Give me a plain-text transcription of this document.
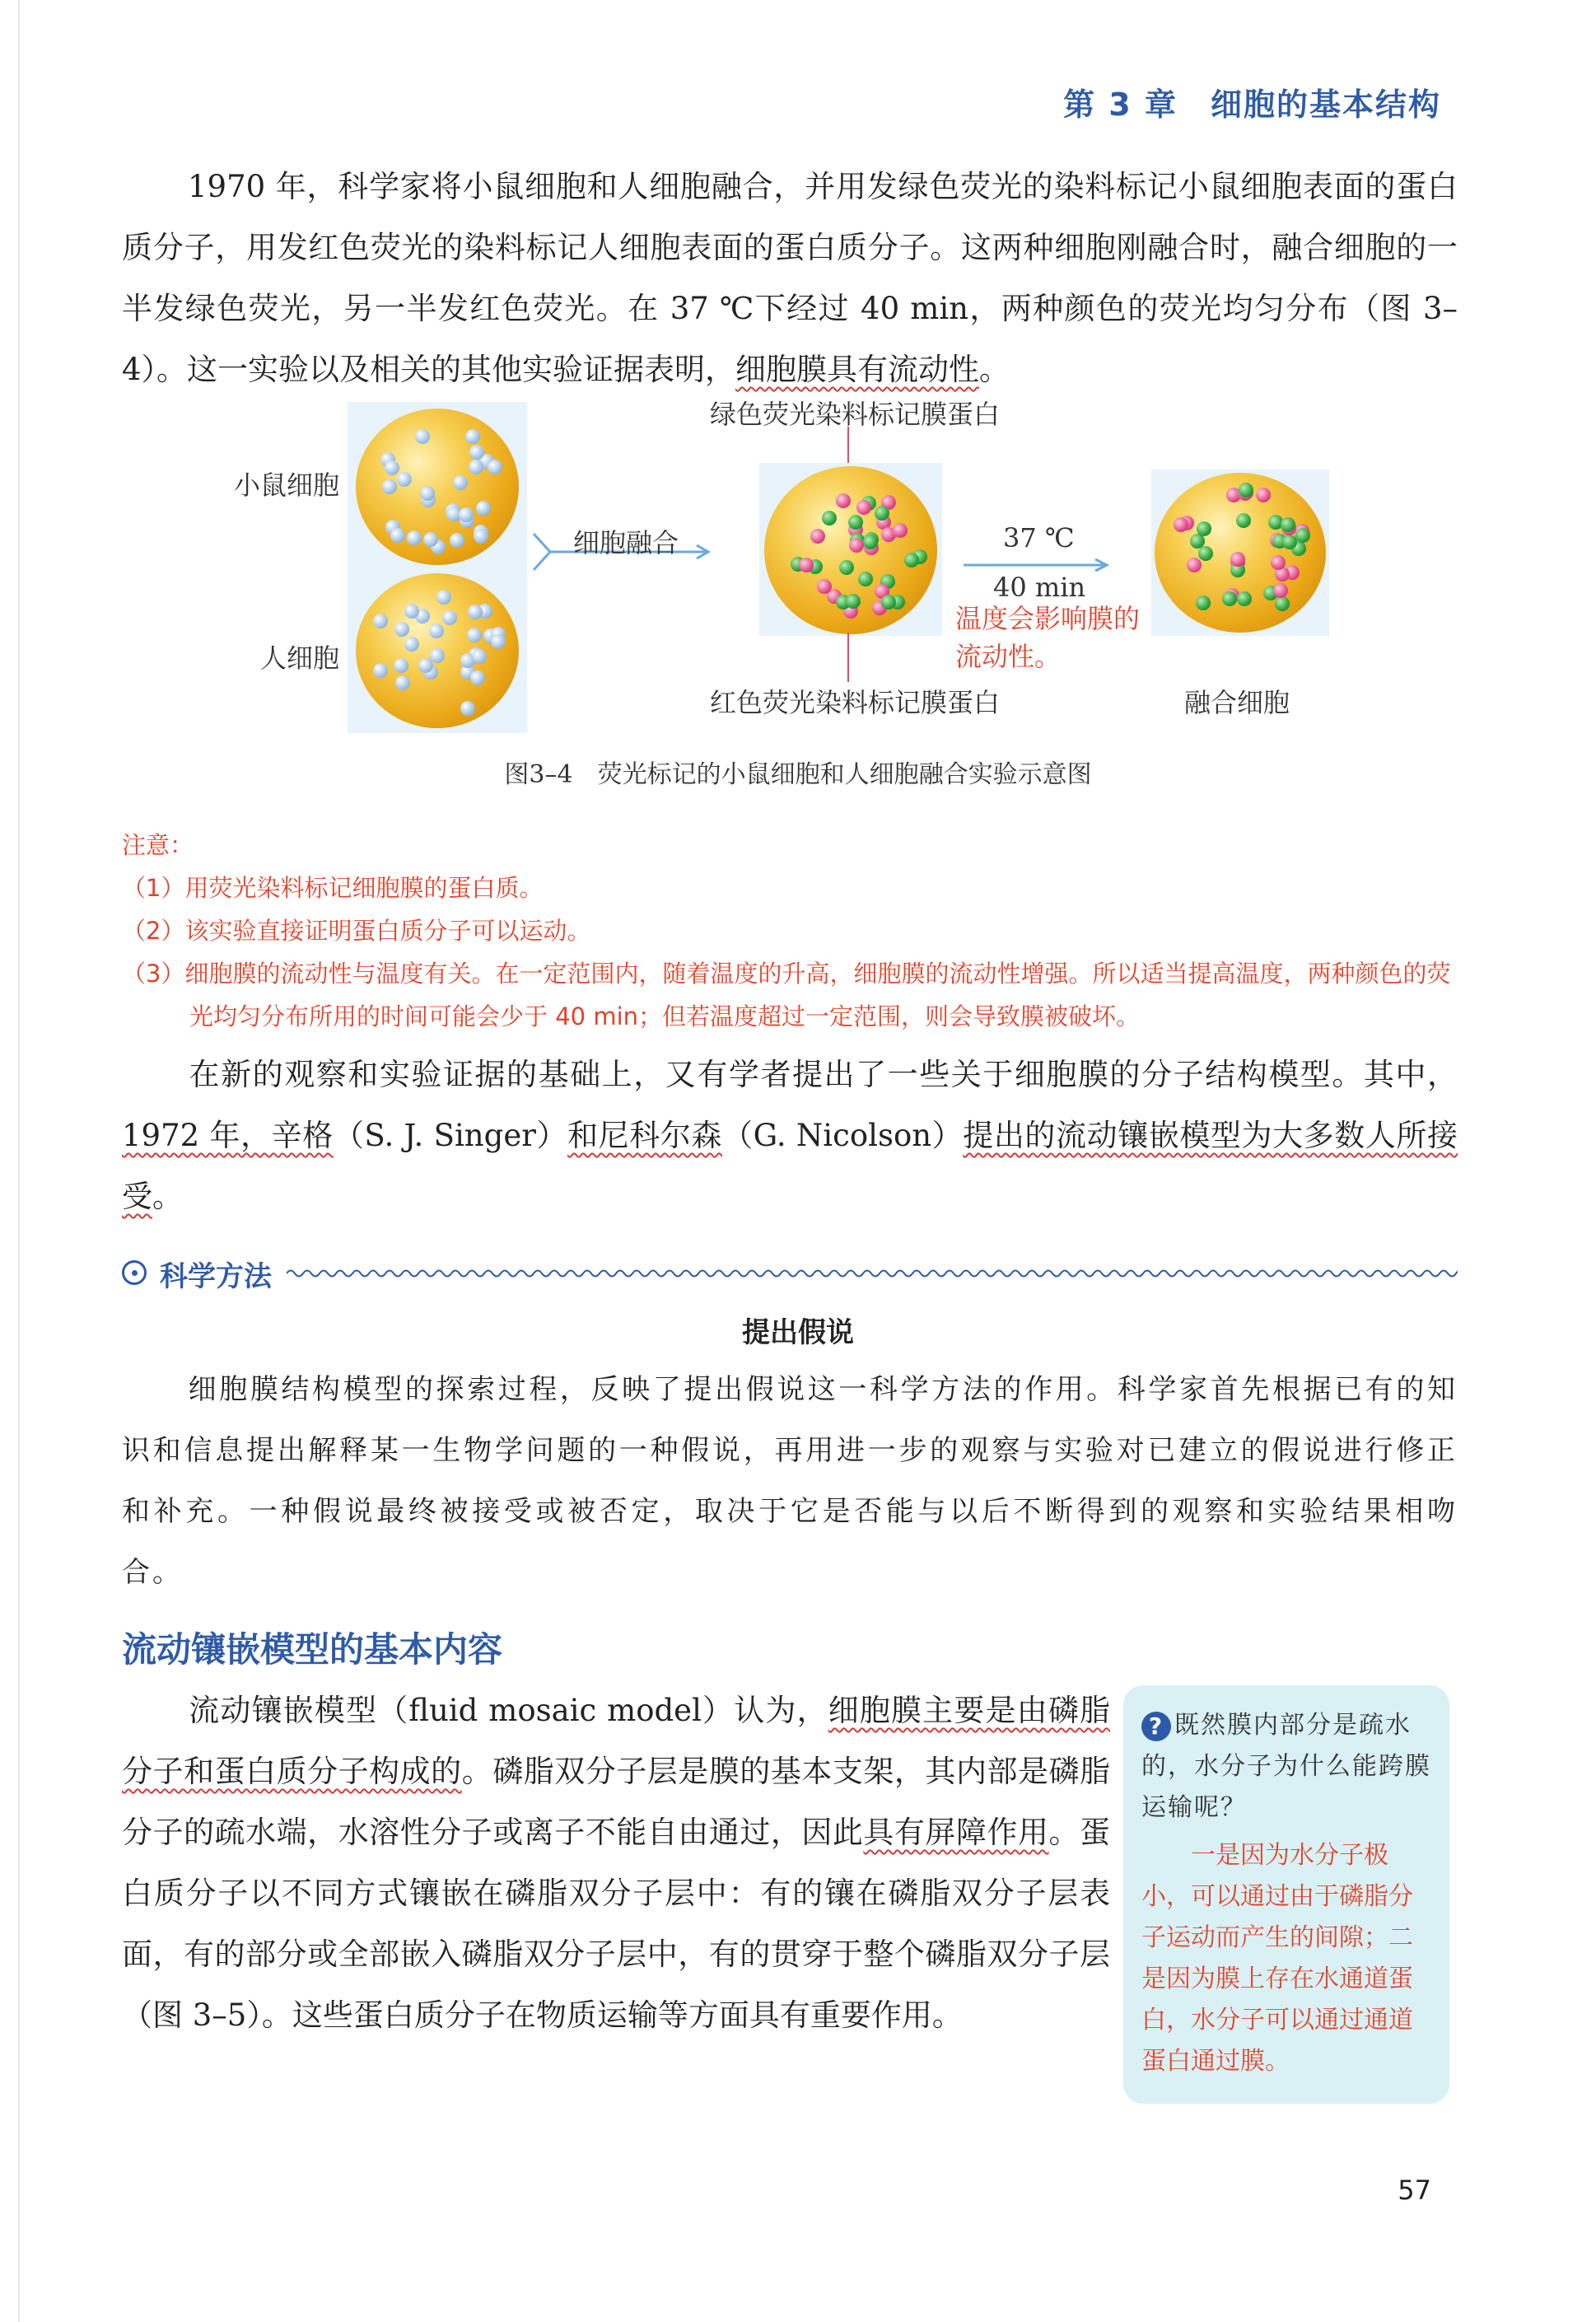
第 3 章 细胞的基本结构
1970 年，科学家将小鼠细胞和人细胞融合，并用发绿色荧光的染料标记小鼠细胞表面的蛋白质分子，用发红色荧光的染料标记人细胞表面的蛋白质分子。这两种细胞刚融合时，融合细胞的一半发绿色荧光，另一半发红色荧光。在 37 ℃下经过 40 min，两种颜色的荧光均匀分布（图 3–4）。这一实验以及相关的其他实验证据表明，细胞膜具有流动性。
小鼠细胞
人细胞
细胞融合
绿色荧光染料标记膜蛋白
红色荧光染料标记膜蛋白
37 ℃
40 min
温度会影响膜的流动性。
融合细胞
图3–4　荧光标记的小鼠细胞和人细胞融合实验示意图
注意：
（1）用荧光染料标记细胞膜的蛋白质。
（2）该实验直接证明蛋白质分子可以运动。
（3）细胞膜的流动性与温度有关。在一定范围内，随着温度的升高，细胞膜的流动性增强。所以适当提高温度，两种颜色的荧光均匀分布所用的时间可能会少于 40 min；但若温度超过一定范围，则会导致膜被破坏。
在新的观察和实验证据的基础上，又有学者提出了一些关于细胞膜的分子结构模型。其中，1972 年，辛格（S. J. Singer）和尼科尔森（G. Nicolson）提出的流动镶嵌模型为大多数人所接受。
科学方法
提出假说
细胞膜结构模型的探索过程，反映了提出假说这一科学方法的作用。科学家首先根据已有的知识和信息提出解释某一生物学问题的一种假说，再用进一步的观察与实验对已建立的假说进行修正和补充。一种假说最终被接受或被否定，取决于它是否能与以后不断得到的观察和实验结果相吻合。
流动镶嵌模型的基本内容
流动镶嵌模型（fluid mosaic model）认为，细胞膜主要是由磷脂分子和蛋白质分子构成的。磷脂双分子层是膜的基本支架，其内部是磷脂分子的疏水端，水溶性分子或离子不能自由通过，因此具有屏障作用。蛋白质分子以不同方式镶嵌在磷脂双分子层中：有的镶在磷脂双分子层表面，有的部分或全部嵌入磷脂双分子层中，有的贯穿于整个磷脂双分子层（图 3–5）。这些蛋白质分子在物质运输等方面具有重要作用。
? 既然膜内部分是疏水的，水分子为什么能跨膜运输呢？
一是因为水分子极小，可以通过由于磷脂分子运动而产生的间隙；二是因为膜上存在水通道蛋白，水分子可以通过通道蛋白通过膜。
57
